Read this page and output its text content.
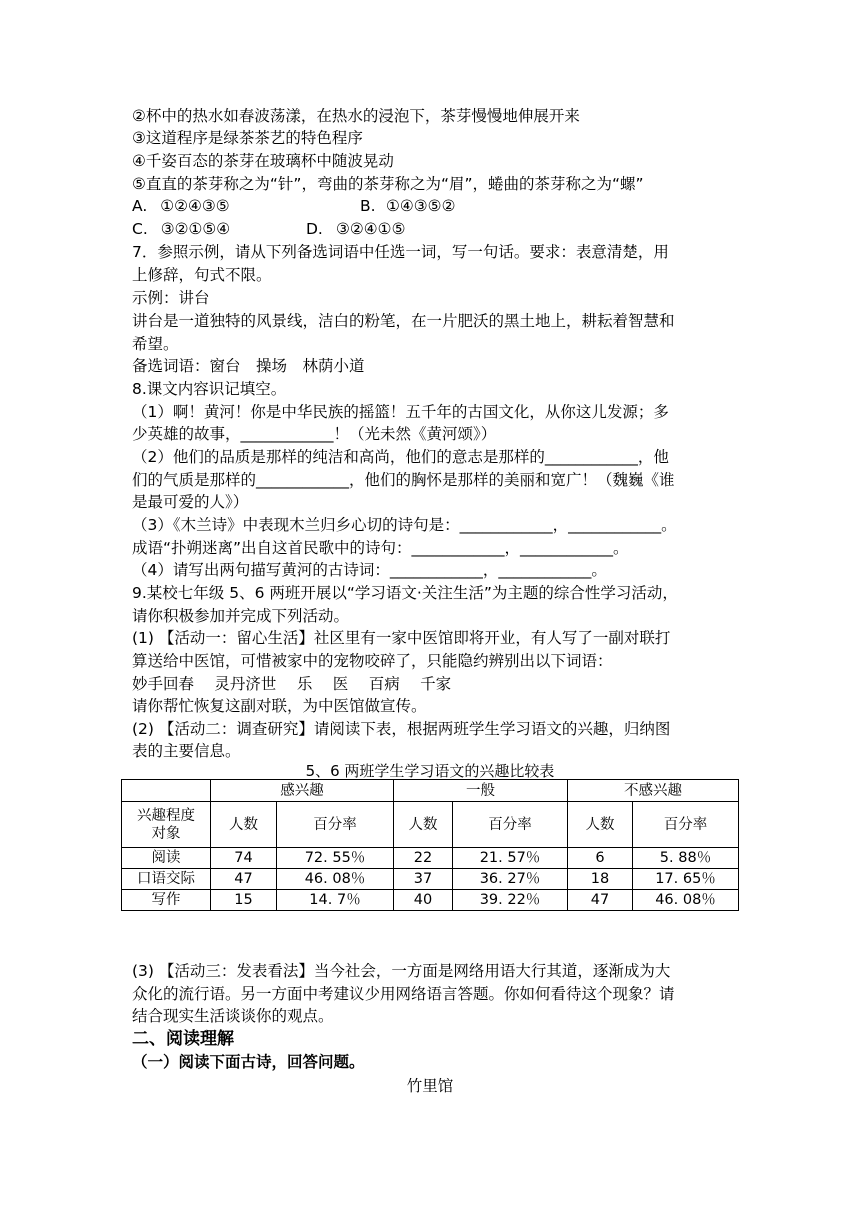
②杯中的热水如春波荡漾，在热水的浸泡下，茶芽慢慢地伸展开来
③这道程序是绿茶茶艺的特色程序
④千姿百态的茶芽在玻璃杯中随波晃动
⑤直直的茶芽称之为“针”，弯曲的茶芽称之为“眉”，蜷曲的茶芽称之为“螺”
A. ①②④③⑤	B. ①④③⑤②
C. ③②①⑤④	D. ③②④①⑤
7．参照示例，请从下列备选词语中任选一词，写一句话。要求：表意清楚，用
上修辞，句式不限。
示例：讲台
讲台是一道独特的风景线，洁白的粉笔，在一片肥沃的黑土地上，耕耘着智慧和
希望。
备选词语：窗台　操场　林荫小道
8.课文内容识记填空。
（1）啊！黄河！你是中华民族的摇篮！五千年的古国文化，从你这儿发源；多
少英雄的故事，____________！（光未然《黄河颂》）
（2）他们的品质是那样的纯洁和高尚，他们的意志是那样的____________，他
们的气质是那样的____________，他们的胸怀是那样的美丽和宽广！（魏巍《谁
是最可爱的人》）
（3）《木兰诗》中表现木兰归乡心切的诗句是：____________，____________。
成语“扑朔迷离”出自这首民歌中的诗句：____________，____________。
（4）请写出两句描写黄河的古诗词：____________，____________。
9.某校七年级 5、6 两班开展以“学习语文·关注生活”为主题的综合性学习活动，
请你积极参加并完成下列活动。
(1) 【活动一：留心生活】社区里有一家中医馆即将开业，有人写了一副对联打
算送给中医馆，可惜被家中的宠物咬碎了，只能隐约辨别出以下词语：
妙手回春　 灵丹济世　 乐　 医　 百病　 千家
请你帮忙恢复这副对联，为中医馆做宣传。
(2) 【活动二：调查研究】请阅读下表，根据两班学生学习语文的兴趣，归纳图
表的主要信息。
5、6 两班学生学习语文的兴趣比较表
	感兴趣		一般		不感兴趣	

兴趣程度
对象	人数	百分率	人数	百分率	人数	百分率
阅读	74	72. 55％	22	21. 57％	6	5. 88％
口语交际	47	46. 08％	37	36. 27％	18	17. 65％
写作	15	14. 7％	40	39. 22％	47	46. 08％
(3) 【活动三：发表看法】当今社会，一方面是网络用语大行其道，逐渐成为大
众化的流行语。另一方面中考建议少用网络语言答题。你如何看待这个现象？请
结合现实生活谈谈你的观点。
二、阅读理解
（一）阅读下面古诗，回答问题。
竹里馆
